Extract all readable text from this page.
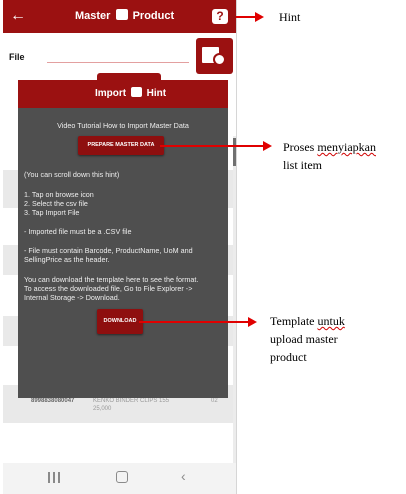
←	Master Product	?
File
8998838080047	KENKO BINDER CLIPS 155
25,000
02
‹
Import Hint
Video Tutorial How to Import Master Data
PREPARE MASTER DATA
(You can scroll down this hint)
1. Tap on browse icon
2. Select the csv file
3. Tap Import File
- Imported file must be a .CSV file
- File must contain Barcode, ProductName, UoM and
SellingPrice as the header.
You can download the template here to see the format.
To access the downloaded file, Go to File Explorer ->
Internal Storage -> Download.
DOWNLOAD
Hint
Proses menyiapkan
list item
Template untuk
upload master
product
